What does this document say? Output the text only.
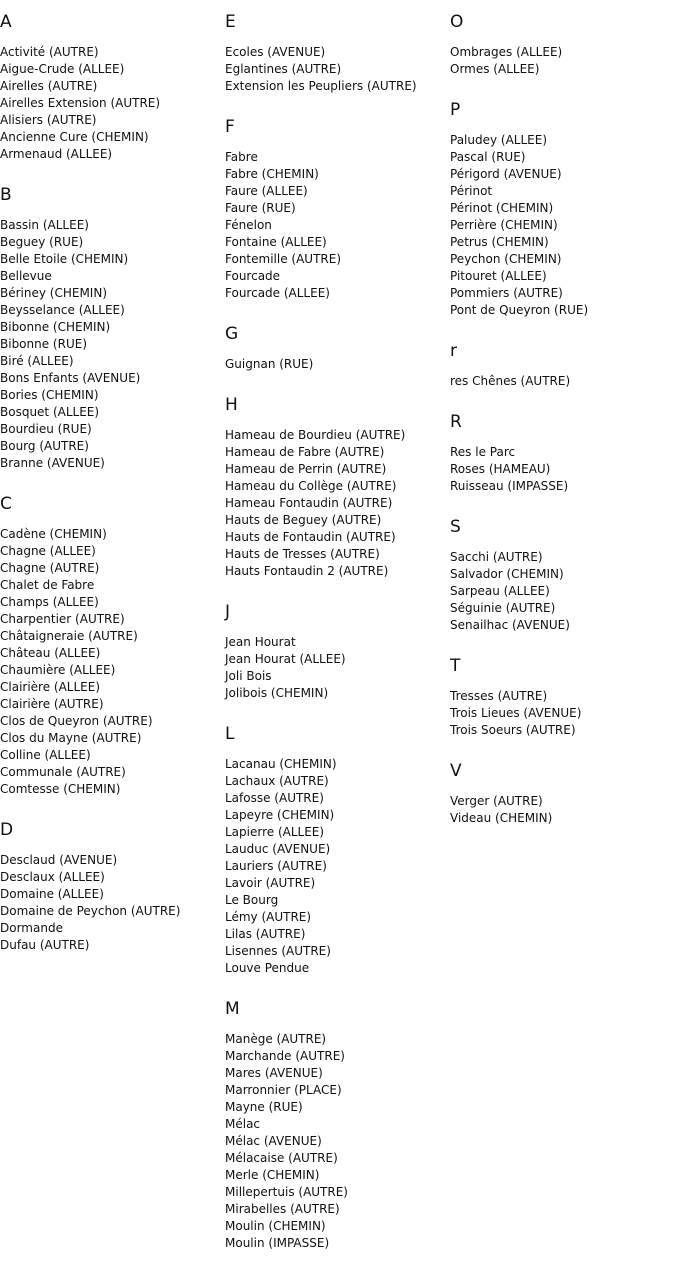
A
Activité (AUTRE)
Aigue-Crude (ALLEE)
Airelles (AUTRE)
Airelles Extension (AUTRE)
Alisiers (AUTRE)
Ancienne Cure (CHEMIN)
Armenaud (ALLEE)
B
Bassin (ALLEE)
Beguey (RUE)
Belle Etoile (CHEMIN)
Bellevue
Bériney (CHEMIN)
Beysselance (ALLEE)
Bibonne (CHEMIN)
Bibonne (RUE)
Biré (ALLEE)
Bons Enfants (AVENUE)
Bories (CHEMIN)
Bosquet (ALLEE)
Bourdieu (RUE)
Bourg (AUTRE)
Branne (AVENUE)
C
Cadène (CHEMIN)
Chagne (ALLEE)
Chagne (AUTRE)
Chalet de Fabre
Champs (ALLEE)
Charpentier (AUTRE)
Châtaigneraie (AUTRE)
Château (ALLEE)
Chaumière (ALLEE)
Clairière (ALLEE)
Clairière (AUTRE)
Clos de Queyron (AUTRE)
Clos du Mayne (AUTRE)
Colline (ALLEE)
Communale (AUTRE)
Comtesse (CHEMIN)
D
Desclaud (AVENUE)
Desclaux (ALLEE)
Domaine (ALLEE)
Domaine de Peychon (AUTRE)
Dormande
Dufau (AUTRE)
E
Ecoles (AVENUE)
Eglantines (AUTRE)
Extension les Peupliers (AUTRE)
F
Fabre
Fabre (CHEMIN)
Faure (ALLEE)
Faure (RUE)
Fénelon
Fontaine (ALLEE)
Fontemille (AUTRE)
Fourcade
Fourcade (ALLEE)
G
Guignan (RUE)
H
Hameau de Bourdieu (AUTRE)
Hameau de Fabre (AUTRE)
Hameau de Perrin (AUTRE)
Hameau du Collège (AUTRE)
Hameau Fontaudin (AUTRE)
Hauts de Beguey (AUTRE)
Hauts de Fontaudin (AUTRE)
Hauts de Tresses (AUTRE)
Hauts Fontaudin 2 (AUTRE)
J
Jean Hourat
Jean Hourat (ALLEE)
Joli Bois
Jolibois (CHEMIN)
L
Lacanau (CHEMIN)
Lachaux (AUTRE)
Lafosse (AUTRE)
Lapeyre (CHEMIN)
Lapierre (ALLEE)
Lauduc (AVENUE)
Lauriers (AUTRE)
Lavoir (AUTRE)
Le Bourg
Lémy (AUTRE)
Lilas (AUTRE)
Lisennes (AUTRE)
Louve Pendue
M
Manège (AUTRE)
Marchande (AUTRE)
Mares (AVENUE)
Marronnier (PLACE)
Mayne (RUE)
Mélac
Mélac (AVENUE)
Mélacaise (AUTRE)
Merle (CHEMIN)
Millepertuis (AUTRE)
Mirabelles (AUTRE)
Moulin (CHEMIN)
Moulin (IMPASSE)
O
Ombrages (ALLEE)
Ormes (ALLEE)
P
Paludey (ALLEE)
Pascal (RUE)
Périgord (AVENUE)
Périnot
Périnot (CHEMIN)
Perrière (CHEMIN)
Petrus (CHEMIN)
Peychon (CHEMIN)
Pitouret (ALLEE)
Pommiers (AUTRE)
Pont de Queyron (RUE)
r
res Chênes (AUTRE)
R
Res le Parc
Roses (HAMEAU)
Ruisseau (IMPASSE)
S
Sacchi (AUTRE)
Salvador (CHEMIN)
Sarpeau (ALLEE)
Séguinie (AUTRE)
Senailhac (AVENUE)
T
Tresses (AUTRE)
Trois Lieues (AVENUE)
Trois Soeurs (AUTRE)
V
Verger (AUTRE)
Videau (CHEMIN)
